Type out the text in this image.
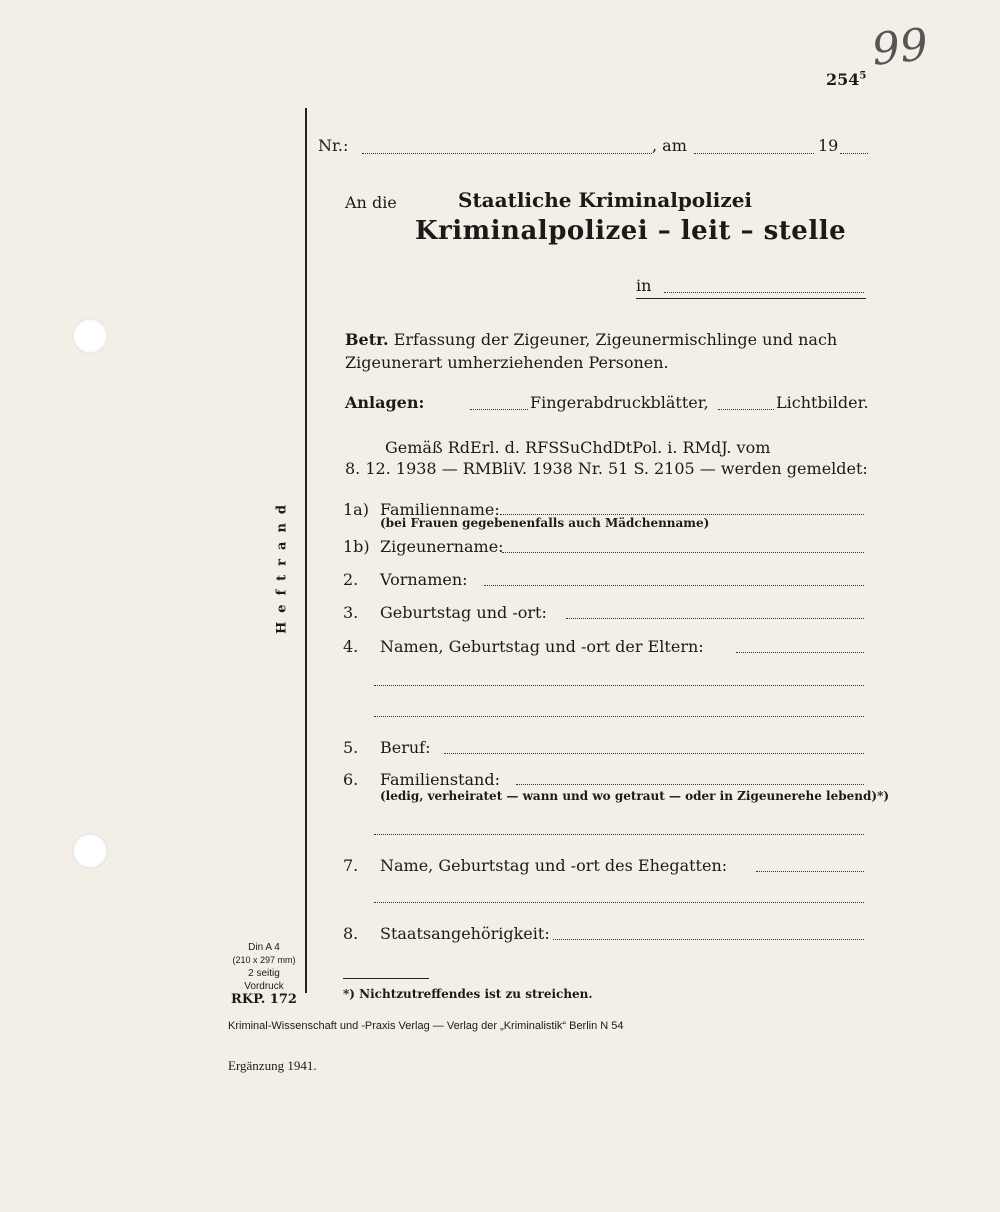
99
$254^5$
Heftrand
Nr.:	, am	19
An die	Staatliche Kriminalpolizei
Kriminalpolizei – leit – stelle
in
Betr. Erfassung der Zigeuner, Zigeunermischlinge und nach
Zigeunerart umherziehenden Personen.
Anlagen:	Fingerabdruckblätter,	Lichtbilder.
Gemäß RdErl. d. RFSSuChdDtPol. i. RMdJ. vom
8. 12. 1938 — RMBliV. 1938 Nr. 51 S. 2105 — werden gemeldet:
1a) Familienname:
(bei Frauen gegebenenfalls auch Mädchenname)
1b) Zigeunername:
2. Vornamen:
3. Geburtstag und -ort:
4. Namen, Geburtstag und -ort der Eltern:
5. Beruf:
6. Familienstand:
(ledig, verheiratet — wann und wo getraut — oder in Zigeunerehe lebend)*)
7. Name, Geburtstag und -ort des Ehegatten:
8. Staatsangehörigkeit:
*) Nichtzutreffendes ist zu streichen.
Din A 4
(210 x 297 mm)
2 seitig
Vordruck
RKP. 172
Kriminal-Wissenschaft und -Praxis Verlag — Verlag der „Kriminalistik“ Berlin N 54
Ergänzung 1941.
